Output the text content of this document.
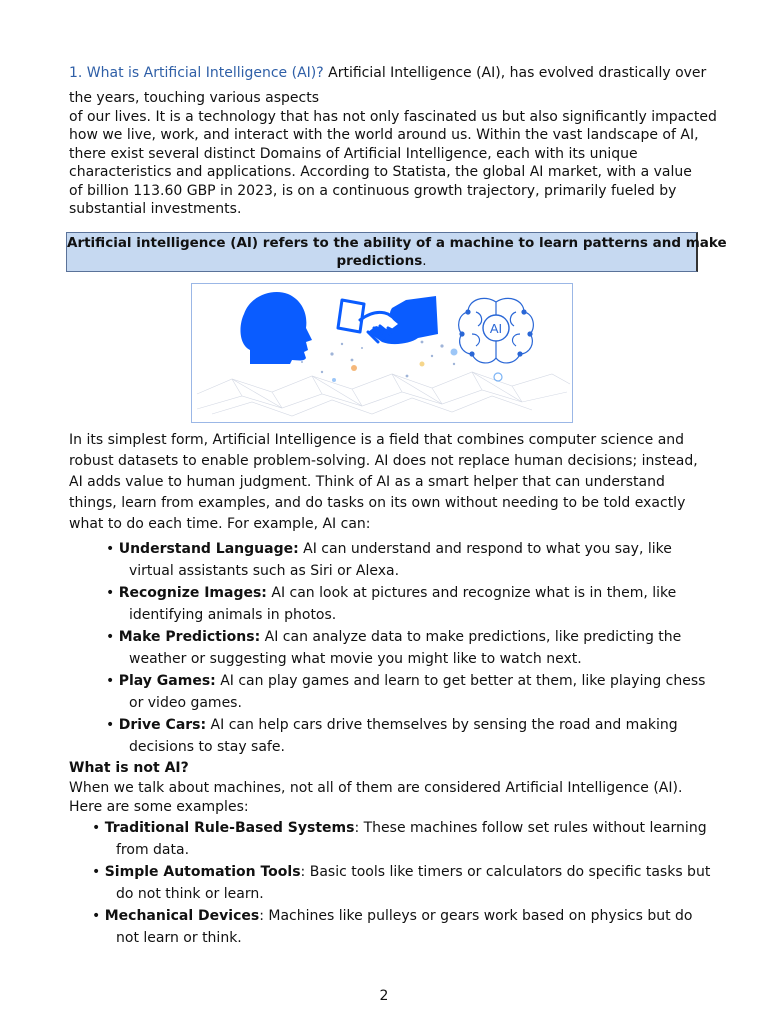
1. What is Artificial Intelligence (AI)? Artificial Intelligence (AI), has evolved drastically over
the years, touching various aspects
of our lives. It is a technology that has not only fascinated us but also significantly impacted
how we live, work, and interact with the world around us. Within the vast landscape of AI,
there exist several distinct Domains of Artificial Intelligence, each with its unique
characteristics and applications. According to Statista, the global AI market, with a value
of billion 113.60 GBP in 2023, is on a continuous growth trajectory, primarily fueled by
substantial investments.
Artificial intelligence (AI) refers to the ability of a machine to learn patterns and make
predictions.
AI
In its simplest form, Artificial Intelligence is a field that combines computer science and
robust datasets to enable problem-solving. AI does not replace human decisions; instead,
AI adds value to human judgment. Think of AI as a smart helper that can understand
things, learn from examples, and do tasks on its own without needing to be told exactly
what to do each time. For example, AI can:
• Understand Language: AI can understand and respond to what you say, like
virtual assistants such as Siri or Alexa.
• Recognize Images: AI can look at pictures and recognize what is in them, like
identifying animals in photos.
• Make Predictions: AI can analyze data to make predictions, like predicting the
weather or suggesting what movie you might like to watch next.
• Play Games: AI can play games and learn to get better at them, like playing chess
or video games.
• Drive Cars: AI can help cars drive themselves by sensing the road and making
decisions to stay safe.
What is not AI?
When we talk about machines, not all of them are considered Artificial Intelligence (AI).
Here are some examples:
• Traditional Rule-Based Systems: These machines follow set rules without learning
from data.
• Simple Automation Tools: Basic tools like timers or calculators do specific tasks but
do not think or learn.
• Mechanical Devices: Machines like pulleys or gears work based on physics but do
not learn or think.
2
